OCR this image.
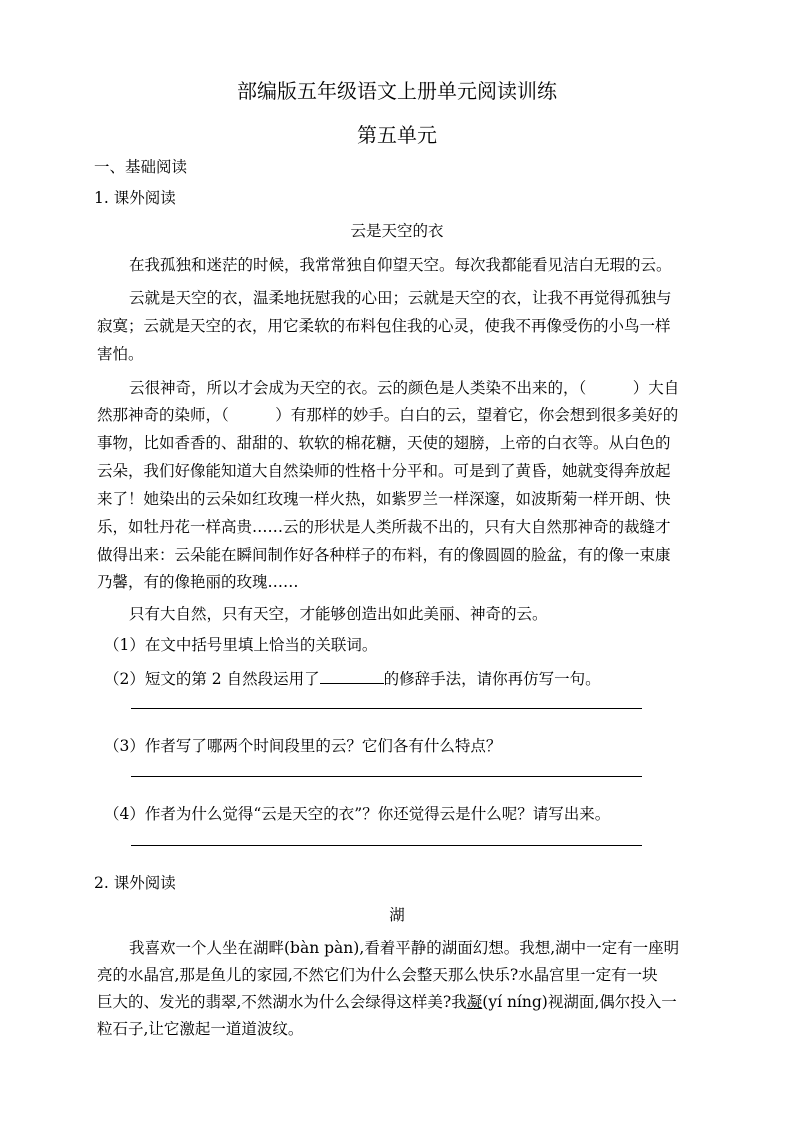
部编版五年级语文上册单元阅读训练
第五单元
一、基础阅读
1. 课外阅读
云是天空的衣
在我孤独和迷茫的时候，我常常独自仰望天空。每次我都能看见洁白无瑕的云。
云就是天空的衣，温柔地抚慰我的心田；云就是天空的衣，让我不再觉得孤独与
寂寞；云就是天空的衣，用它柔软的布料包住我的心灵，使我不再像受伤的小鸟一样
害怕。
云很神奇，所以才会成为天空的衣。云的颜色是人类染不出来的，（　　　）大自
然那神奇的染师，（　　　）有那样的妙手。白白的云，望着它，你会想到很多美好的
事物，比如香香的、甜甜的、软软的棉花糖，天使的翅膀，上帝的白衣等。从白色的
云朵，我们好像能知道大自然染师的性格十分平和。可是到了黄昏，她就变得奔放起
来了！她染出的云朵如红玫瑰一样火热，如紫罗兰一样深邃，如波斯菊一样开朗、快
乐，如牡丹花一样高贵……云的形状是人类所裁不出的，只有大自然那神奇的裁缝才
做得出来：云朵能在瞬间制作好各种样子的布料，有的像圆圆的脸盆，有的像一束康
乃馨，有的像艳丽的玫瑰……
只有大自然，只有天空，才能够创造出如此美丽、神奇的云。
（1）在文中括号里填上恰当的关联词。
（2）短文的第 2 自然段运用了	的修辞手法，请你再仿写一句。
（3）作者写了哪两个时间段里的云？它们各有什么特点？
（4）作者为什么觉得“云是天空的衣”？你还觉得云是什么呢？请写出来。
2. 课外阅读
湖
我喜欢一个人坐在湖畔(bàn pàn),看着平静的湖面幻想。我想,湖中一定有一座明
亮的水晶宫,那是鱼儿的家园,不然它们为什么会整天那么快乐?水晶宫里一定有一块
巨大的、发光的翡翠,不然湖水为什么会绿得这样美?我凝(yí níng)视湖面,偶尔投入一
粒石子,让它激起一道道波纹。
